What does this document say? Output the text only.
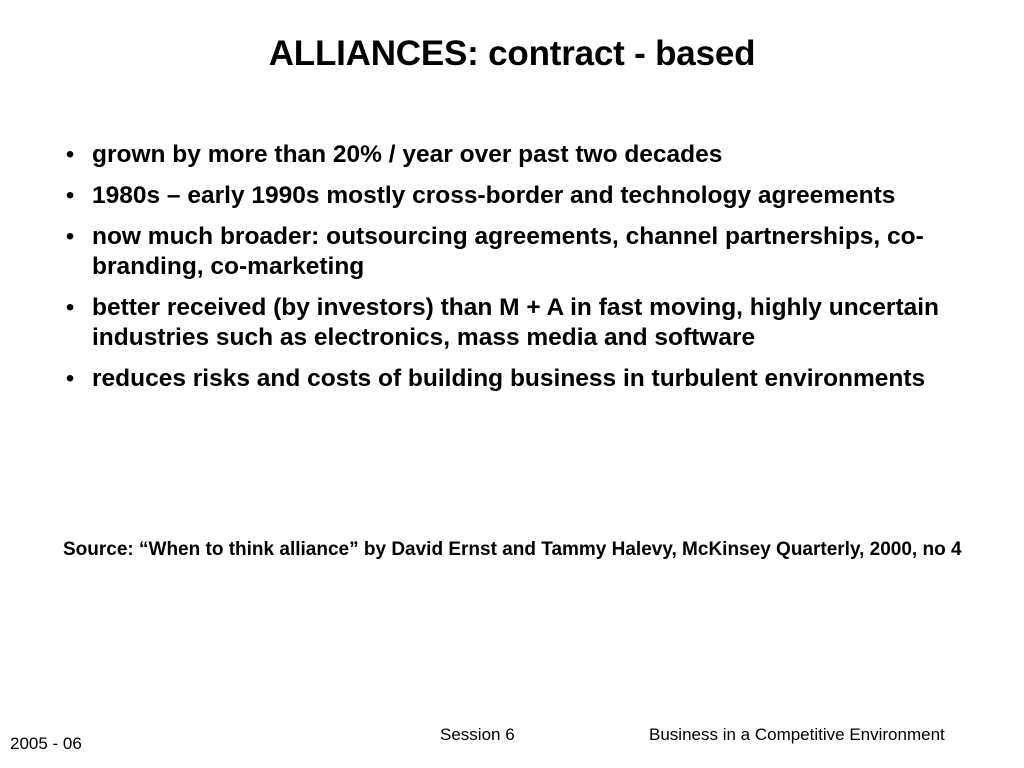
ALLIANCES: contract - based
• grown by more than 20% / year over past two decades
• 1980s – early 1990s mostly cross-border and technology agreements
• now much broader: outsourcing agreements, channel partnerships, co-branding, co-marketing
• better received (by investors) than M + A in fast moving, highly uncertain industries such as electronics, mass media and software
• reduces risks and costs of building business in turbulent environments
Source: “When to think alliance” by David Ernst and Tammy Halevy, McKinsey Quarterly, 2000, no 4
2005 - 06	Session 6	Business in a Competitive Environment
